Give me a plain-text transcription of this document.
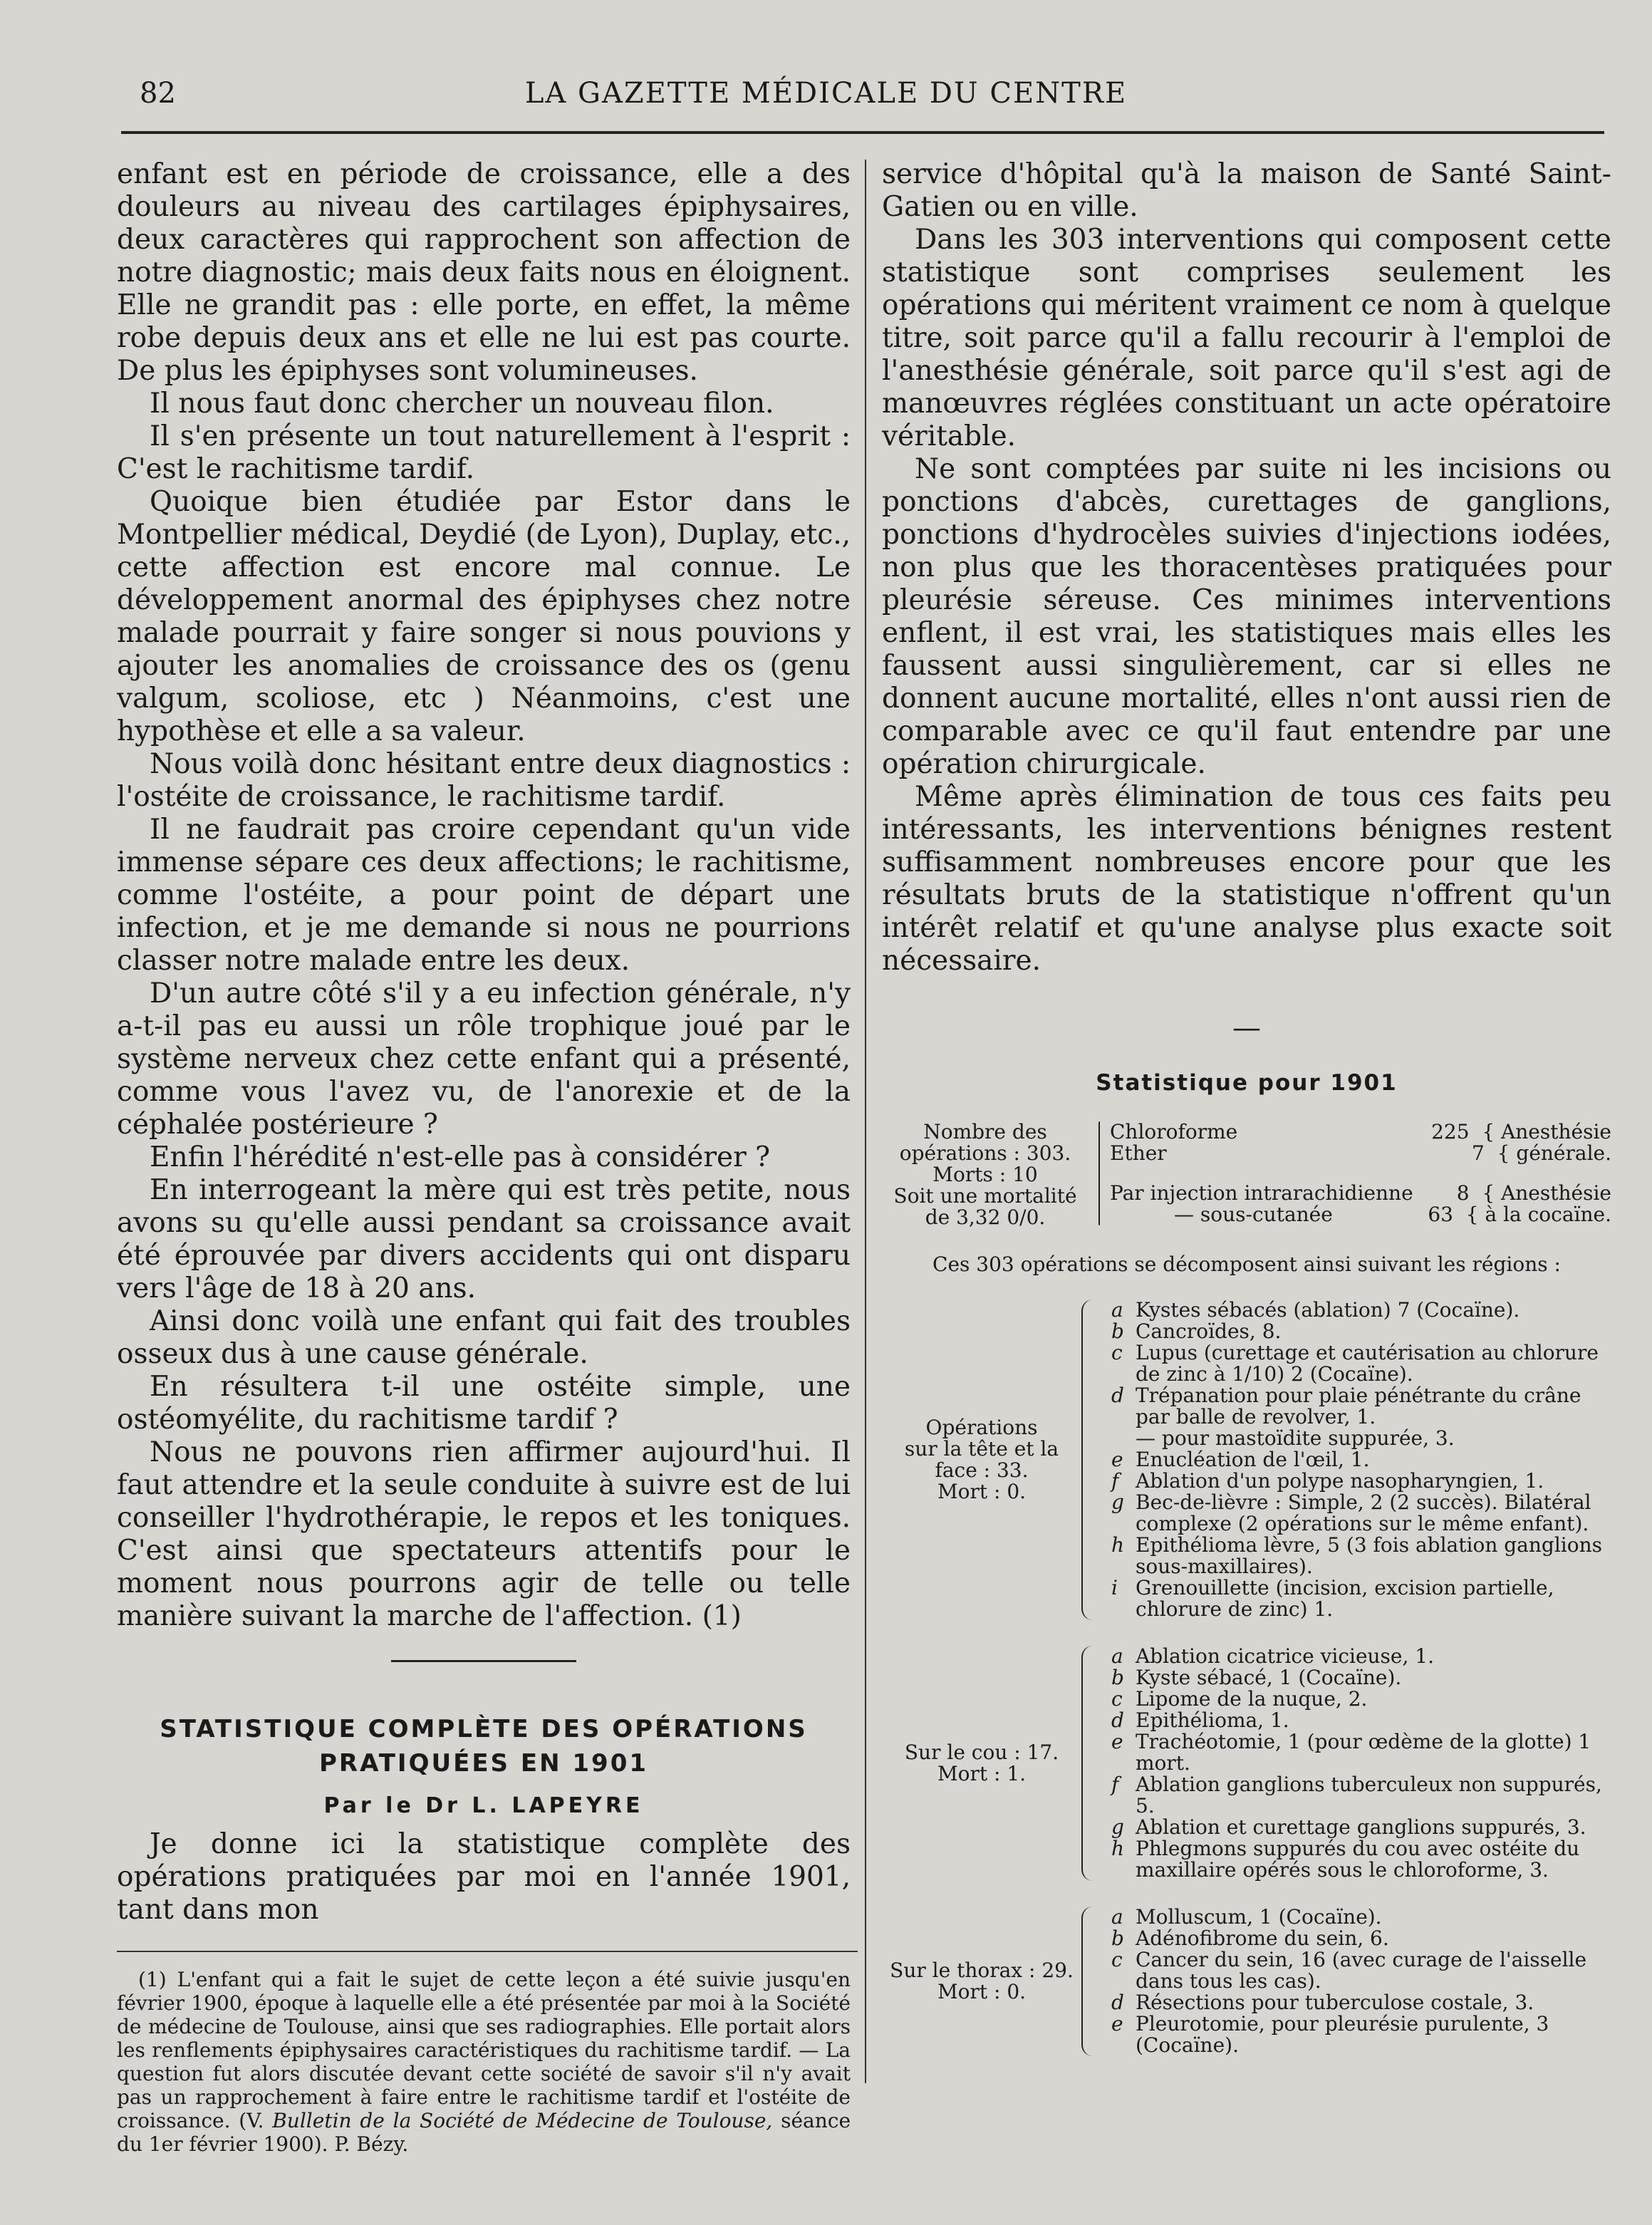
82	LA GAZETTE MÉDICALE DU CENTRE

enfant est en période de croissance, elle a des douleurs au niveau des cartilages épiphysaires, deux caractères qui rapprochent son affection de notre diagnostic; mais deux faits nous en éloignent. Elle ne grandit pas : elle porte, en effet, la même robe depuis deux ans et elle ne lui est pas courte. De plus les épiphyses sont volumineuses.

Il nous faut donc chercher un nouveau filon.

Il s'en présente un tout naturellement à l'esprit : C'est le rachitisme tardif.

Quoique bien étudiée par Estor dans le Montpellier médical, Deydié (de Lyon), Duplay, etc., cette affection est encore mal connue. Le développement anormal des épiphyses chez notre malade pourrait y faire songer si nous pouvions y ajouter les anomalies de croissance des os (genu valgum, scoliose, etc ) Néanmoins, c'est une hypothèse et elle a sa valeur.

Nous voilà donc hésitant entre deux diagnostics : l'ostéite de croissance, le rachitisme tardif.

Il ne faudrait pas croire cependant qu'un vide immense sépare ces deux affections; le rachitisme, comme l'ostéite, a pour point de départ une infection, et je me demande si nous ne pourrions classer notre malade entre les deux.

D'un autre côté s'il y a eu infection générale, n'y a-t-il pas eu aussi un rôle trophique joué par le système nerveux chez cette enfant qui a présenté, comme vous l'avez vu, de l'anorexie et de la céphalée postérieure ?

Enfin l'hérédité n'est-elle pas à considérer ?

En interrogeant la mère qui est très petite, nous avons su qu'elle aussi pendant sa croissance avait été éprouvée par divers accidents qui ont disparu vers l'âge de 18 à 20 ans.

Ainsi donc voilà une enfant qui fait des troubles osseux dus à une cause générale.

En résultera t-il une ostéite simple, une ostéomyélite, du rachitisme tardif ?

Nous ne pouvons rien affirmer aujourd'hui. Il faut attendre et la seule conduite à suivre est de lui conseiller l'hydrothérapie, le repos et les toniques. C'est ainsi que spectateurs attentifs pour le moment nous pourrons agir de telle ou telle manière suivant la marche de l'affection. (1)

STATISTIQUE COMPLÈTE DES OPÉRATIONS

PRATIQUÉES EN 1901

Par le Dr L. LAPEYRE

Je donne ici la statistique complète des opérations pratiquées par moi en l'année 1901, tant dans mon

(1) L'enfant qui a fait le sujet de cette leçon a été suivie jusqu'en février 1900, époque à laquelle elle a été présentée par moi à la Société de médecine de Toulouse, ainsi que ses radiographies. Elle portait alors les renflements épiphysaires caractéristiques du rachitisme tardif. — La question fut alors discutée devant cette société de savoir s'il n'y avait pas un rapprochement à faire entre le rachitisme tardif et l'ostéite de croissance. (V. Bulletin de la Société de Médecine de Toulouse, séance du 1er février 1900). P. Bézy.

service d'hôpital qu'à la maison de Santé Saint-Gatien ou en ville.

Dans les 303 interventions qui composent cette statistique sont comprises seulement les opérations qui méritent vraiment ce nom à quelque titre, soit parce qu'il a fallu recourir à l'emploi de l'anesthésie générale, soit parce qu'il s'est agi de manœuvres réglées constituant un acte opératoire véritable.

Ne sont comptées par suite ni les incisions ou ponctions d'abcès, curettages de ganglions, ponctions d'hydrocèles suivies d'injections iodées, non plus que les thoracentèses pratiquées pour pleurésie séreuse. Ces minimes interventions enflent, il est vrai, les statistiques mais elles les faussent aussi singulièrement, car si elles ne donnent aucune mortalité, elles n'ont aussi rien de comparable avec ce qu'il faut entendre par une opération chirurgicale.

Même après élimination de tous ces faits peu intéressants, les interventions bénignes restent suffisamment nombreuses encore pour que les résultats bruts de la statistique n'offrent qu'un intérêt relatif et qu'une analyse plus exacte soit nécessaire.

—

Statistique pour 1901

Nombre des
opérations : 303.
Morts : 10
Soit une mortalité
de 3,32 0/0.
Chloroforme	225  { Anesthésie
Ether	7  { générale.
Par injection intrarachidienne 8  { Anesthésie
— sous-cutanée	63  { à la cocaïne.
Ces 303 opérations se décomposent ainsi suivant les régions :
Opérations
sur la tête et la
face : 33.
Mort : 0.
a Kystes sébacés (ablation) 7 (Cocaïne).
b Cancroïdes, 8.
c Lupus (curettage et cautérisation au chlorure de zinc à 1/10) 2 (Cocaïne).
d Trépanation pour plaie pénétrante du crâne par balle de revolver, 1.
— pour mastoïdite suppurée, 3.
e Enucléation de l'œil, 1.
f Ablation d'un polype nasopharyngien, 1.
g Bec-de-lièvre : Simple, 2 (2 succès). Bilatéral complexe (2 opérations sur le même enfant).
h Epithélioma lèvre, 5 (3 fois ablation ganglions sous-maxillaires).
i Grenouillette (incision, excision partielle, chlorure de zinc) 1.
Sur le cou : 17.
Mort : 1.
a Ablation cicatrice vicieuse, 1.
b Kyste sébacé, 1 (Cocaïne).
c Lipome de la nuque, 2.
d Epithélioma, 1.
e Trachéotomie, 1 (pour œdème de la glotte) 1 mort.
f Ablation ganglions tuberculeux non suppurés, 5.
g Ablation et curettage ganglions suppurés, 3.
h Phlegmons suppurés du cou avec ostéite du maxillaire opérés sous le chloroforme, 3.
Sur le thorax : 29.
Mort : 0.
a Molluscum, 1 (Cocaïne).
b Adénofibrome du sein, 6.
c Cancer du sein, 16 (avec curage de l'aisselle dans tous les cas).
d Résections pour tuberculose costale, 3.
e Pleurotomie, pour pleurésie purulente, 3 (Cocaïne).
